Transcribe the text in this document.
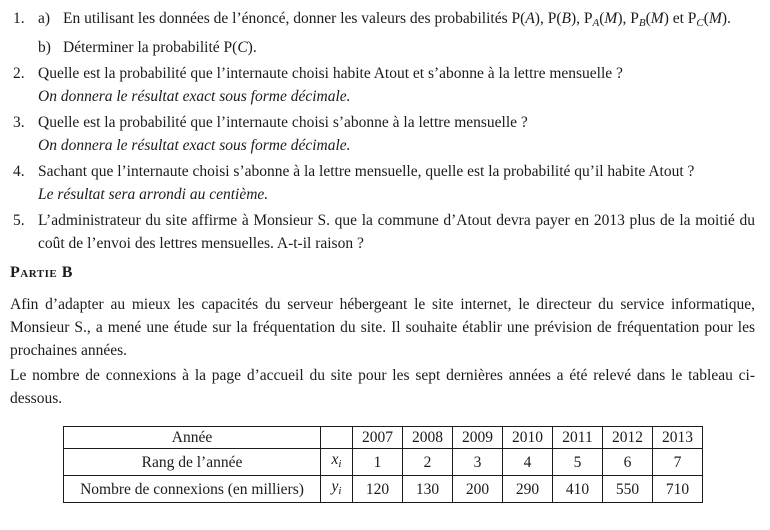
1. a) En utilisant les données de l’énoncé, donner les valeurs des probabilités P(A), P(B), PA(M), PB(M) et PC(M).
b) Déterminer la probabilité P(C).
2. Quelle est la probabilité que l’internaute choisi habite Atout et s’abonne à la lettre mensuelle ?
On donnera le résultat exact sous forme décimale.
3. Quelle est la probabilité que l’internaute choisi s’abonne à la lettre mensuelle ?
On donnera le résultat exact sous forme décimale.
4. Sachant que l’internaute choisi s’abonne à la lettre mensuelle, quelle est la probabilité qu’il habite Atout ?
Le résultat sera arrondi au centième.
5. L’administrateur du site affirme à Monsieur S. que la commune d’Atout devra payer en 2013 plus de la moitié du coût de l’envoi des lettres mensuelles. A-t-il raison ?
Partie B

Afin d’adapter au mieux les capacités du serveur hébergeant le site internet, le directeur du service informatique, Monsieur S., a mené une étude sur la fréquentation du site. Il souhaite établir une prévision de fréquentation pour les prochaines années.

Le nombre de connexions à la page d’accueil du site pour les sept dernières années a été relevé dans le tableau ci-dessous.

Année		2007	2008	2009	2010	2011	2012	2013
Rang de l’année	xi	1	2	3	4	5	6	7
Nombre de connexions (en milliers)	yi	120	130	200	290	410	550	710
